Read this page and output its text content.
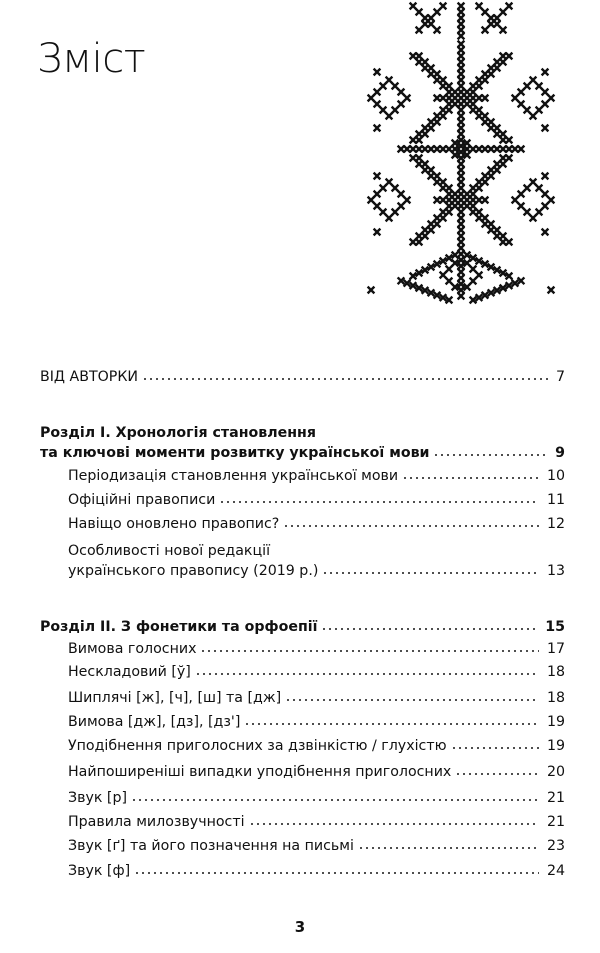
Зміст
ВІД АВТОРКИ	7
Розділ I. Хронологія становлення
та ключові моменти розвитку української мови	9
Періодизація становлення української мови	10
Офіційні правописи	11
Навіщо оновлено правопис?	12
Особливості нової редакції
українського правопису (2019 р.)	13
Розділ II. З фонетики та орфоепії	15
Вимова голосних	17
Нескладовий [ў]	18
Шиплячі [ж], [ч], [ш] та [дж]	18
Вимова [дж], [дз], [дз']	19
Уподібнення приголосних за дзвінкістю / глухістю	19
Найпоширеніші випадки уподібнення приголосних	20
Звук [р]	21
Правила милозвучності	21
Звук [ґ] та його позначення на письмі	23
Звук [ф]	24
3
